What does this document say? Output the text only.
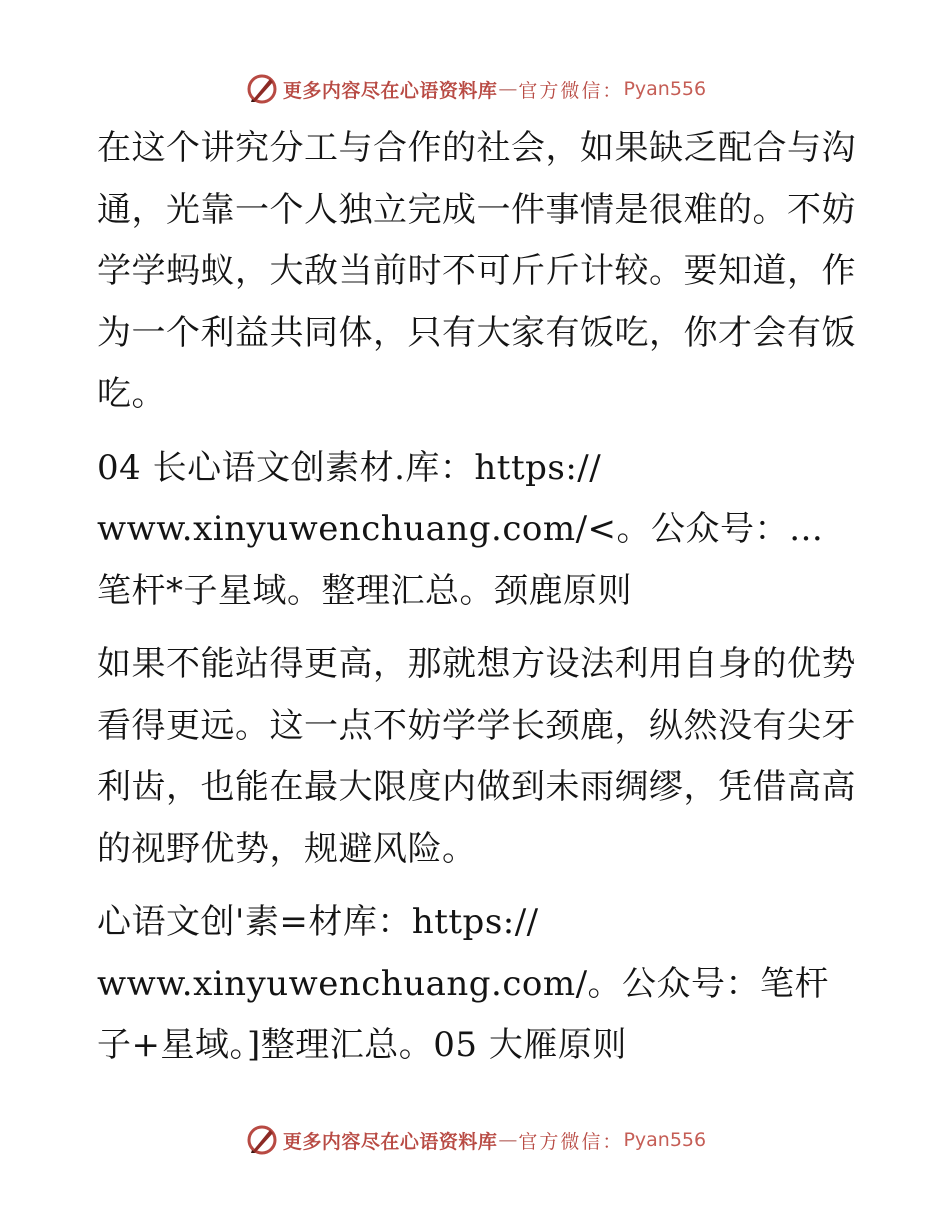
更多内容尽在心语资料库 — 官方微信： Pyan556

在这个讲究分工与合作的社会，如果缺乏配合与沟通，光靠一个人独立完成一件事情是很难的。不妨学学蚂蚁，大敌当前时不可斤斤计较。要知道，作为一个利益共同体，只有大家有饭吃，你才会有饭吃。

04 长心语文创素材.库：https://

www.xinyuwenchuang.com/<。公众号：…笔杆*子星域。整理汇总。颈鹿原则

如果不能站得更高，那就想方设法利用自身的优势看得更远。这一点不妨学学长颈鹿，纵然没有尖牙利齿，也能在最大限度内做到未雨绸缪，凭借高高的视野优势，规避风险。

心语文创'素=材库：https://

www.xinyuwenchuang.com/。公众号：笔杆子+星域。]整理汇总。05 大雁原则

更多内容尽在心语资料库 — 官方微信： Pyan556
